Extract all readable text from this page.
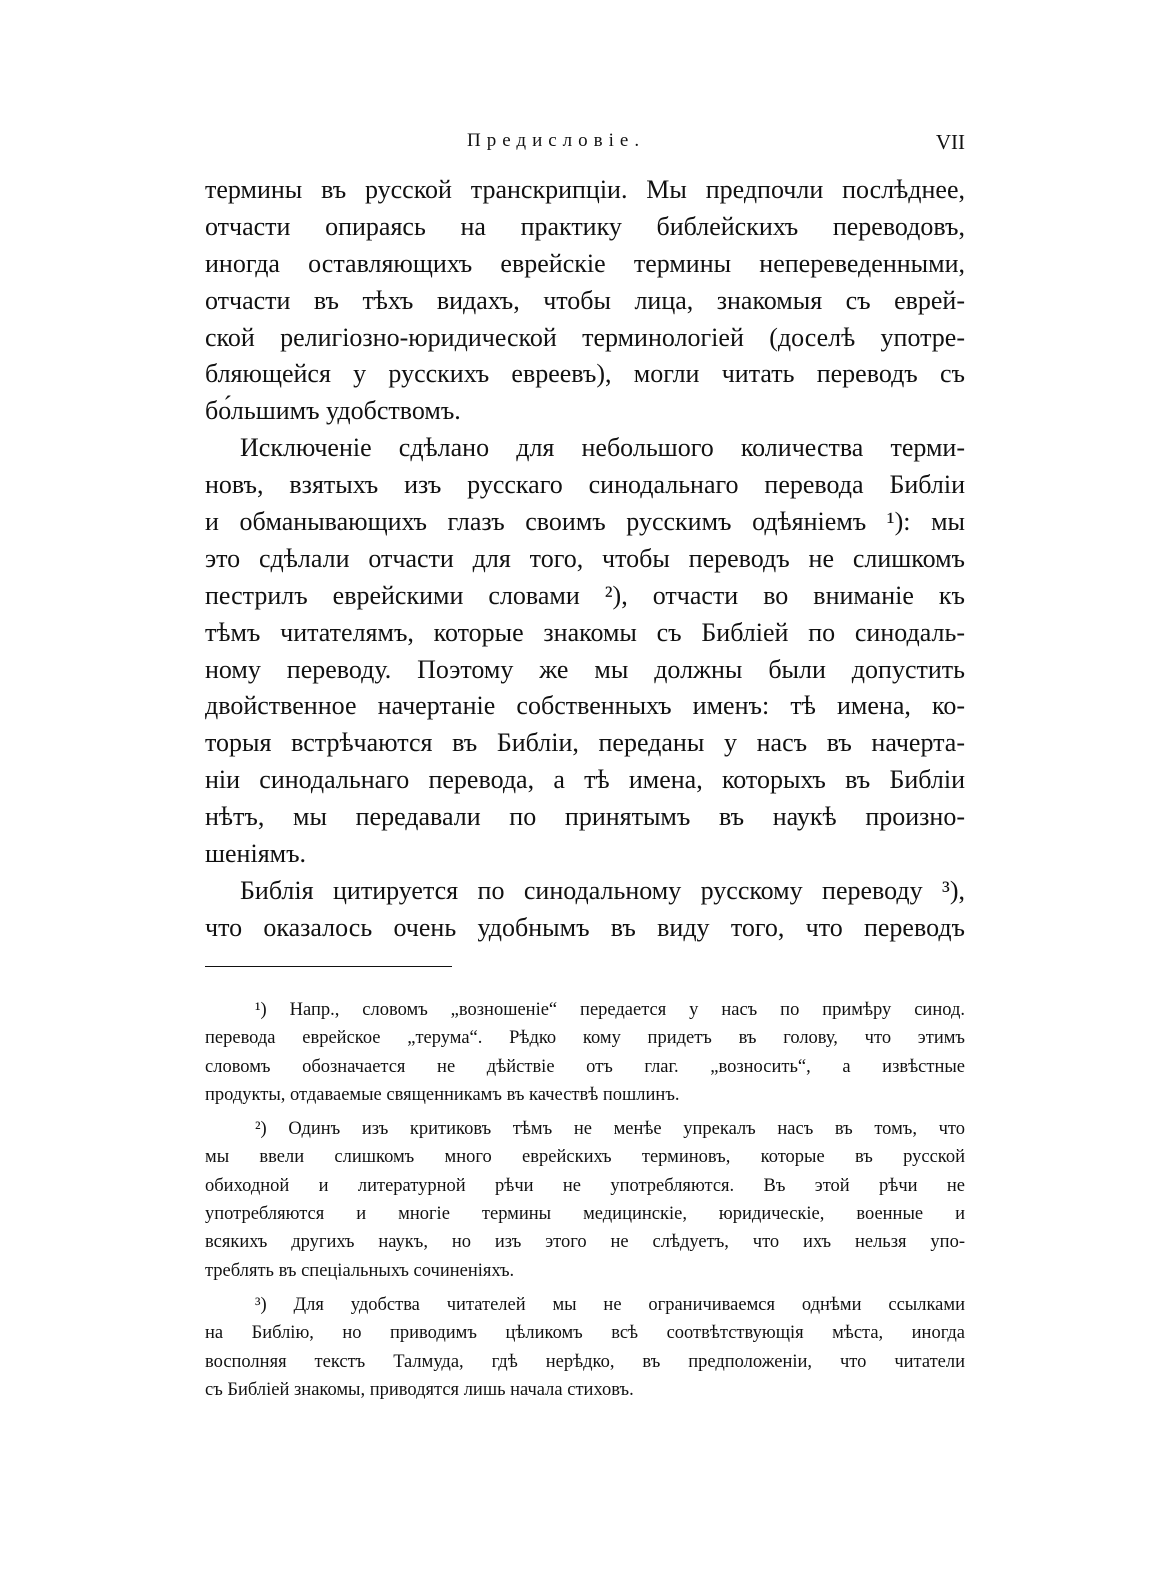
Предисловіе.	VII
термины въ русской транскрипціи. Мы предпочли послѣднее,
отчасти опираясь на практику библейскихъ переводовъ,
иногда оставляющихъ еврейскіе термины непереведенными,
отчасти въ тѣхъ видахъ, чтобы лица, знакомыя съ еврей-
ской религіозно-юридической терминологіей (доселѣ употре-
бляющейся у русскихъ евреевъ), могли читать переводъ съ
бо́льшимъ удобствомъ.
Исключеніе сдѣлано для небольшого количества терми-
новъ, взятыхъ изъ русскаго синодальнаго перевода Библіи
и обманывающихъ глазъ своимъ русскимъ одѣяніемъ ¹): мы
это сдѣлали отчасти для того, чтобы переводъ не слишкомъ
пестрилъ еврейскими словами ²), отчасти во вниманіе къ
тѣмъ читателямъ, которые знакомы съ Библіей по синодаль-
ному переводу. Поэтому же мы должны были допустить
двойственное начертаніе собственныхъ именъ: тѣ имена, ко-
торыя встрѣчаются въ Библіи, переданы у насъ въ начерта-
ніи синодальнаго перевода, а тѣ имена, которыхъ въ Библіи
нѣтъ, мы передавали по принятымъ въ наукѣ произно-
шеніямъ.
Библія цитируется по синодальному русскому переводу ³),
что оказалось очень удобнымъ въ виду того, что переводъ
¹) Напр., словомъ „возношеніе“ передается у насъ по примѣру синод.
перевода еврейское „терума“. Рѣдко кому придетъ въ голову, что этимъ
словомъ обозначается не дѣйствіе отъ глаг. „возносить“, а извѣстные
продукты, отдаваемые священникамъ въ качествѣ пошлинъ.
²) Одинъ изъ критиковъ тѣмъ не менѣе упрекалъ насъ въ томъ, что
мы ввели слишкомъ много еврейскихъ терминовъ, которые въ русской
обиходной и литературной рѣчи не употребляются. Въ этой рѣчи не
употребляются и многіе термины медицинскіе, юридическіе, военные и
всякихъ другихъ наукъ, но изъ этого не слѣдуетъ, что ихъ нельзя упо-
треблять въ спеціальныхъ сочиненіяхъ.
³) Для удобства читателей мы не ограничиваемся однѣми ссылками
на Библію, но приводимъ цѣликомъ всѣ соотвѣтствующія мѣста, иногда
восполняя текстъ Талмуда, гдѣ нерѣдко, въ предположеніи, что читатели
съ Библіей знакомы, приводятся лишь начала стиховъ.
